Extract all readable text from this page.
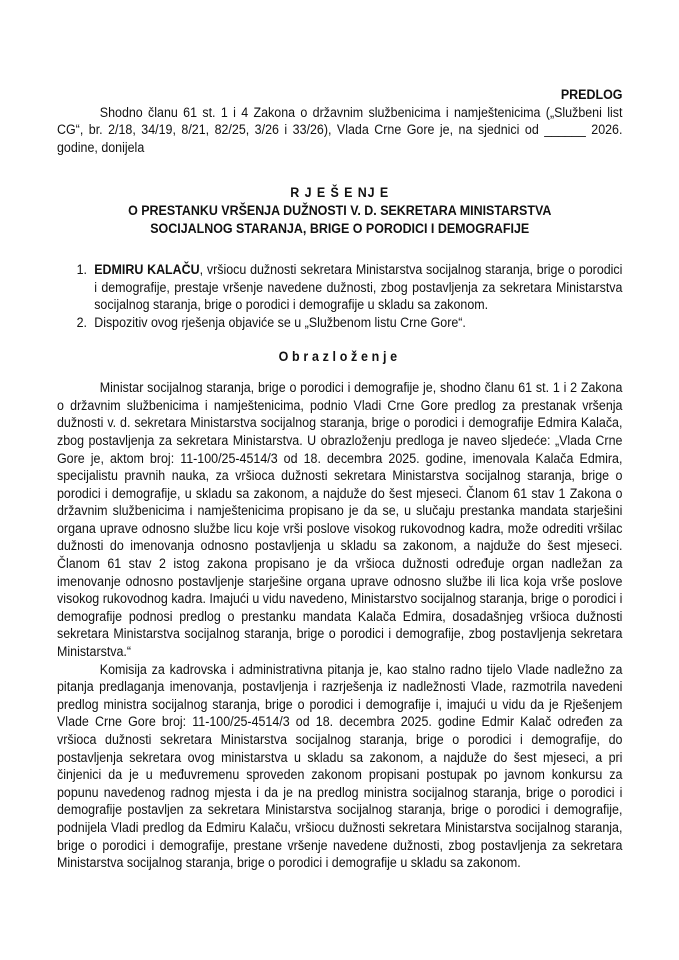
PREDLOG
Shodno članu 61 st. 1 i 4 Zakona o državnim službenicima i namještenicima („Službeni list CG“, br. 2/18, 34/19, 8/21, 82/25, 3/26 i 33/26), Vlada Crne Gore je, na sjednici od ______ 2026. godine, donijela
R J E Š E NJ E
O PRESTANKU VRŠENJA DUŽNOSTI V. D. SEKRETARA MINISTARSTVA
SOCIJALNOG STARANJA, BRIGE O PORODICI I DEMOGRAFIJE
1. EDMIRU KALAČU, vršiocu dužnosti sekretara Ministarstva socijalnog staranja, brige o porodici i demografije, prestaje vršenje navedene dužnosti, zbog postavljenja za sekretara Ministarstva socijalnog staranja, brige o porodici i demografije u skladu sa zakonom.
2. Dispozitiv ovog rješenja objaviće se u „Službenom listu Crne Gore“.
Obrazloženje
Ministar socijalnog staranja, brige o porodici i demografije je, shodno članu 61 st. 1 i 2 Zakona o državnim službenicima i namještenicima, podnio Vladi Crne Gore predlog za prestanak vršenja dužnosti v. d. sekretara Ministarstva socijalnog staranja, brige o porodici i demografije Edmira Kalača, zbog postavljenja za sekretara Ministarstva. U obrazloženju predloga je naveo sljedeće: „Vlada Crne Gore je, aktom broj: 11-100/25-4514/3 od 18. decembra 2025. godine, imenovala Kalača Edmira, specijalistu pravnih nauka, za vršioca dužnosti sekretara Ministarstva socijalnog staranja, brige o porodici i demografije, u skladu sa zakonom, a najduže do šest mjeseci. Članom 61 stav 1 Zakona o državnim službenicima i namještenicima propisano je da se, u slučaju prestanka mandata starješini organa uprave odnosno službe licu koje vrši poslove visokog rukovodnog kadra, može odrediti vršilac dužnosti do imenovanja odnosno postavljenja u skladu sa zakonom, a najduže do šest mjeseci. Članom 61 stav 2 istog zakona propisano je da vršioca dužnosti određuje organ nadležan za imenovanje odnosno postavljenje starješine organa uprave odnosno službe ili lica koja vrše poslove visokog rukovodnog kadra. Imajući u vidu navedeno, Ministarstvo socijalnog staranja, brige o porodici i demografije podnosi predlog o prestanku mandata Kalača Edmira, dosadašnjeg vršioca dužnosti sekretara Ministarstva socijalnog staranja, brige o porodici i demografije, zbog postavljenja sekretara Ministarstva.“
Komisija za kadrovska i administrativna pitanja je, kao stalno radno tijelo Vlade nadležno za pitanja predlaganja imenovanja, postavljenja i razrješenja iz nadležnosti Vlade, razmotrila navedeni predlog ministra socijalnog staranja, brige o porodici i demografije i, imajući u vidu da je Rješenjem Vlade Crne Gore broj: 11-100/25-4514/3 od 18. decembra 2025. godine Edmir Kalač određen za vršioca dužnosti sekretara Ministarstva socijalnog staranja, brige o porodici i demografije, do postavljenja sekretara ovog ministarstva u skladu sa zakonom, a najduže do šest mjeseci, a pri činjenici da je u međuvremenu sproveden zakonom propisani postupak po javnom konkursu za popunu navedenog radnog mjesta i da je na predlog ministra socijalnog staranja, brige o porodici i demografije postavljen za sekretara Ministarstva socijalnog staranja, brige o porodici i demografije, podnijela Vladi predlog da Edmiru Kalaču, vršiocu dužnosti sekretara Ministarstva socijalnog staranja, brige o porodici i demografije, prestane vršenje navedene dužnosti, zbog postavljenja za sekretara Ministarstva socijalnog staranja, brige o porodici i demografije u skladu sa zakonom.
